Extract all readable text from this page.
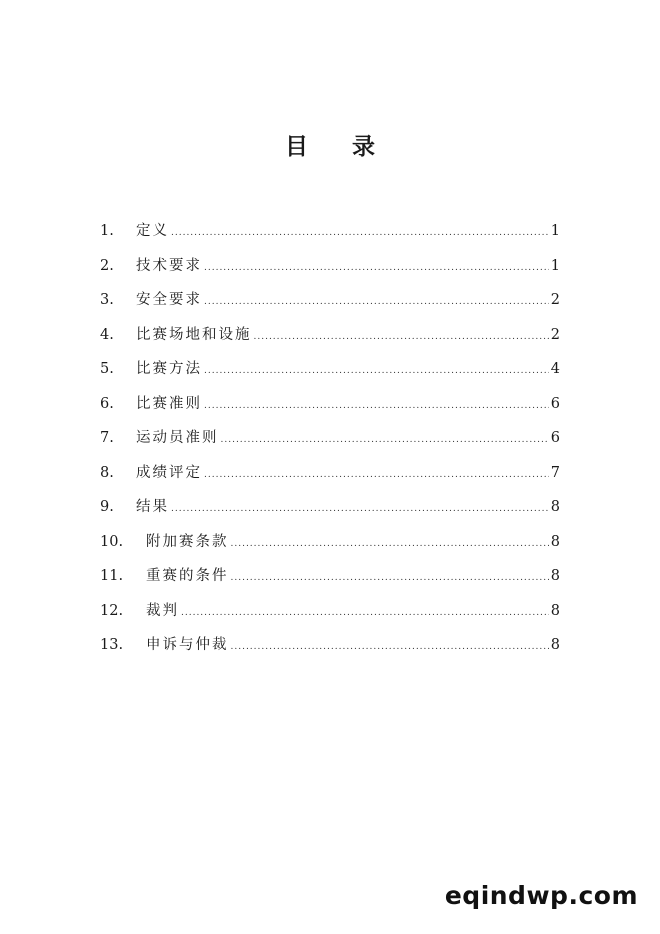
目 录
1.	定义 .....	1
2.	技术要求 .....	1
3.	安全要求 .....	2
4.	比赛场地和设施 .....	2
5.	比赛方法 .....	4
6.	比赛准则 .....	6
7.	运动员准则 .....	6
8.	成绩评定 .....	7
9.	结果 .....	8
10.	附加赛条款 .....	8
11.	重赛的条件 .....	8
12.	裁判 .....	8
13.	申诉与仲裁 .....	8
eqindwp.com
